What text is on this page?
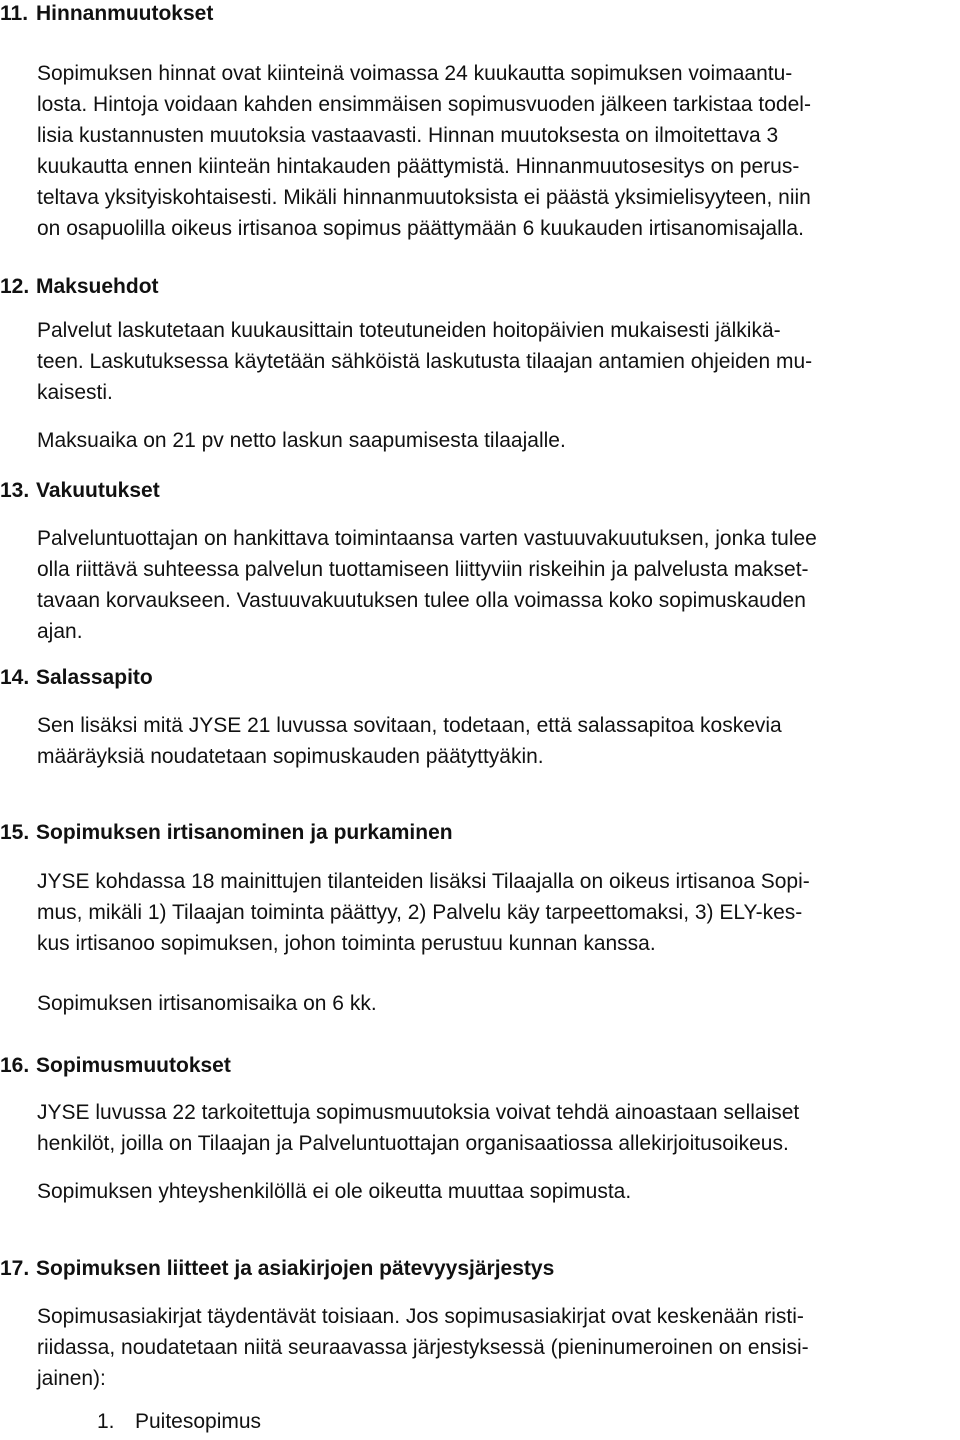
11. Hinnanmuutokset
Sopimuksen hinnat ovat kiinteinä voimassa 24 kuukautta sopimuksen voimaantu-
losta. Hintoja voidaan kahden ensimmäisen sopimusvuoden jälkeen tarkistaa todel-
lisia kustannusten muutoksia vastaavasti. Hinnan muutoksesta on ilmoitettava 3
kuukautta ennen kiinteän hintakauden päättymistä. Hinnanmuutosesitys on perus-
teltava yksityiskohtaisesti. Mikäli hinnanmuutoksista ei päästä yksimielisyyteen, niin
on osapuolilla oikeus irtisanoa sopimus päättymään 6 kuukauden irtisanomisajalla.
12. Maksuehdot
Palvelut laskutetaan kuukausittain toteutuneiden hoitopäivien mukaisesti jälkikä-
teen. Laskutuksessa käytetään sähköistä laskutusta tilaajan antamien ohjeiden mu-
kaisesti.
Maksuaika on 21 pv netto laskun saapumisesta tilaajalle.
13. Vakuutukset
Palveluntuottajan on hankittava toimintaansa varten vastuuvakuutuksen, jonka tulee
olla riittävä suhteessa palvelun tuottamiseen liittyviin riskeihin ja palvelusta makset-
tavaan korvaukseen. Vastuuvakuutuksen tulee olla voimassa koko sopimuskauden
ajan.
14. Salassapito
Sen lisäksi mitä JYSE 21 luvussa sovitaan, todetaan, että salassapitoa koskevia
määräyksiä noudatetaan sopimuskauden päätyttyäkin.
15. Sopimuksen irtisanominen ja purkaminen
JYSE kohdassa 18 mainittujen tilanteiden lisäksi Tilaajalla on oikeus irtisanoa Sopi-
mus, mikäli 1) Tilaajan toiminta päättyy, 2) Palvelu käy tarpeettomaksi, 3) ELY-kes-
kus irtisanoo sopimuksen, johon toiminta perustuu kunnan kanssa.
Sopimuksen irtisanomisaika on 6 kk.
16. Sopimusmuutokset
JYSE luvussa 22 tarkoitettuja sopimusmuutoksia voivat tehdä ainoastaan sellaiset
henkilöt, joilla on Tilaajan ja Palveluntuottajan organisaatiossa allekirjoitusoikeus.
Sopimuksen yhteyshenkilöllä ei ole oikeutta muuttaa sopimusta.
17. Sopimuksen liitteet ja asiakirjojen pätevyysjärjestys
Sopimusasiakirjat täydentävät toisiaan. Jos sopimusasiakirjat ovat keskenään risti-
riidassa, noudatetaan niitä seuraavassa järjestyksessä (pieninumeroinen on ensisi-
jainen):
1. Puitesopimus
